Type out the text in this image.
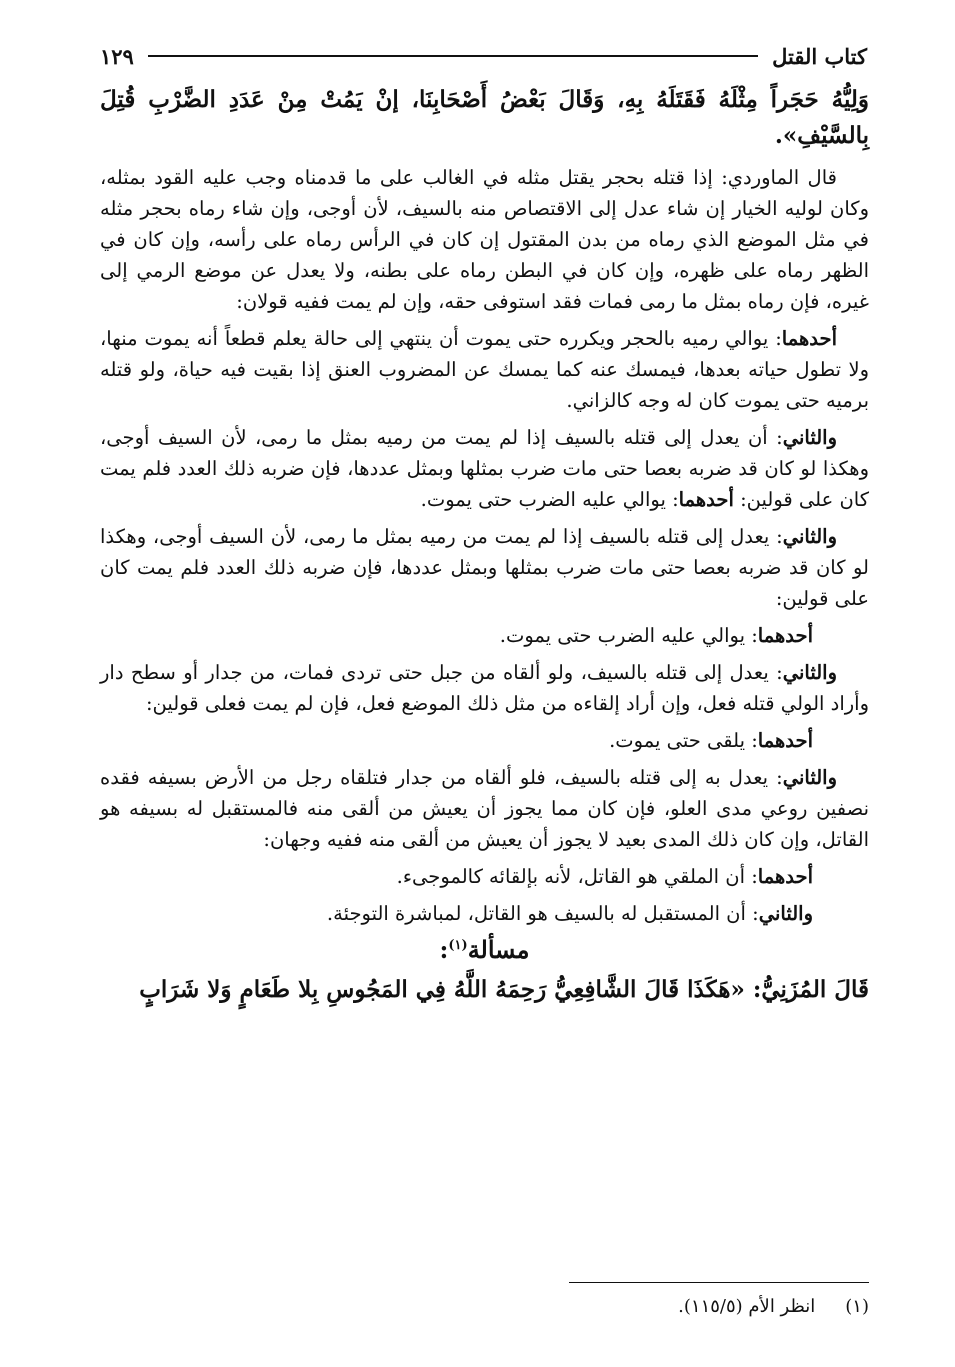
كتاب القتل
١٢٩
وَلِيُّهُ حَجَراً مِثْلَهُ فَقَتَلَهُ بِهِ، وَقَالَ بَعْضُ أَصْحَابِنَا، إنْ يَمُتْ مِنْ عَدَدِ الضَّرْبِ قُتِلَ بِالسَّيْفِ».
قال الماوردي: إذا قتله بحجر يقتل مثله في الغالب على ما قدمناه وجب عليه القود بمثله، وكان لوليه الخيار إن شاء عدل إلى الاقتصاص منه بالسيف، لأن أوجى، وإن شاء رماه بحجر مثله في مثل الموضع الذي رماه من بدن المقتول إن كان في الرأس رماه على رأسه، وإن كان في الظهر رماه على ظهره، وإن كان في البطن رماه على بطنه، ولا يعدل عن موضع الرمي إلى غيره، فإن رماه بمثل ما رمى فمات فقد استوفى حقه، وإن لم يمت ففيه قولان:
أحدهما: يوالي رميه بالحجر ويكرره حتى يموت أن ينتهي إلى حالة يعلم قطعاً أنه يموت منها، ولا تطول حياته بعدها، فيمسك عنه كما يمسك عن المضروب العنق إذا بقيت فيه حياة، ولو قتله برميه حتى يموت كان له وجه كالزاني.
والثاني: أن يعدل إلى قتله بالسيف إذا لم يمت من رميه بمثل ما رمى، لأن السيف أوجى، وهكذا لو كان قد ضربه بعصا حتى مات ضرب بمثلها وبمثل عددها، فإن ضربه ذلك العدد فلم يمت كان على قولين: أحدهما: يوالي عليه الضرب حتى يموت.
والثاني: يعدل إلى قتله بالسيف إذا لم يمت من رميه بمثل ما رمى، لأن السيف أوجى، وهكذا لو كان قد ضربه بعصا حتى مات ضرب بمثلها وبمثل عددها، فإن ضربه ذلك العدد فلم يمت كان على قولين:
أحدهما: يوالي عليه الضرب حتى يموت.
والثاني: يعدل إلى قتله بالسيف، ولو ألقاه من جبل حتى تردى فمات، من جدار أو سطح دار وأراد الولي قتله فعل، وإن أراد إلقاءه من مثل ذلك الموضع فعل، فإن لم يمت فعلى قولين:
أحدهما: يلقى حتى يموت.
والثاني: يعدل به إلى قتله بالسيف، فلو ألقاه من جدار فتلقاه رجل من الأرض بسيفه فقده نصفين روعي مدى العلو، فإن كان مما يجوز أن يعيش من ألقى منه فالمستقبل له بسيفه هو القاتل، وإن كان ذلك المدى بعيد لا يجوز أن يعيش من ألقى منه ففيه وجهان:
أحدهما: أن الملقي هو القاتل، لأنه بإلقائه كالموجىء.
والثاني: أن المستقبل له بالسيف هو القاتل، لمباشرة التوجئة.
مسألة$^{(١)}$:
قَالَ المُزَنِيُّ: «هَكَذَا قَالَ الشَّافِعِيُّ رَحِمَهُ اللَّهُ فِي المَجُوسِ بِلا طَعَامٍ وَلا شَرَابٍ
(١)انظر الأم (١١٥/٥).
